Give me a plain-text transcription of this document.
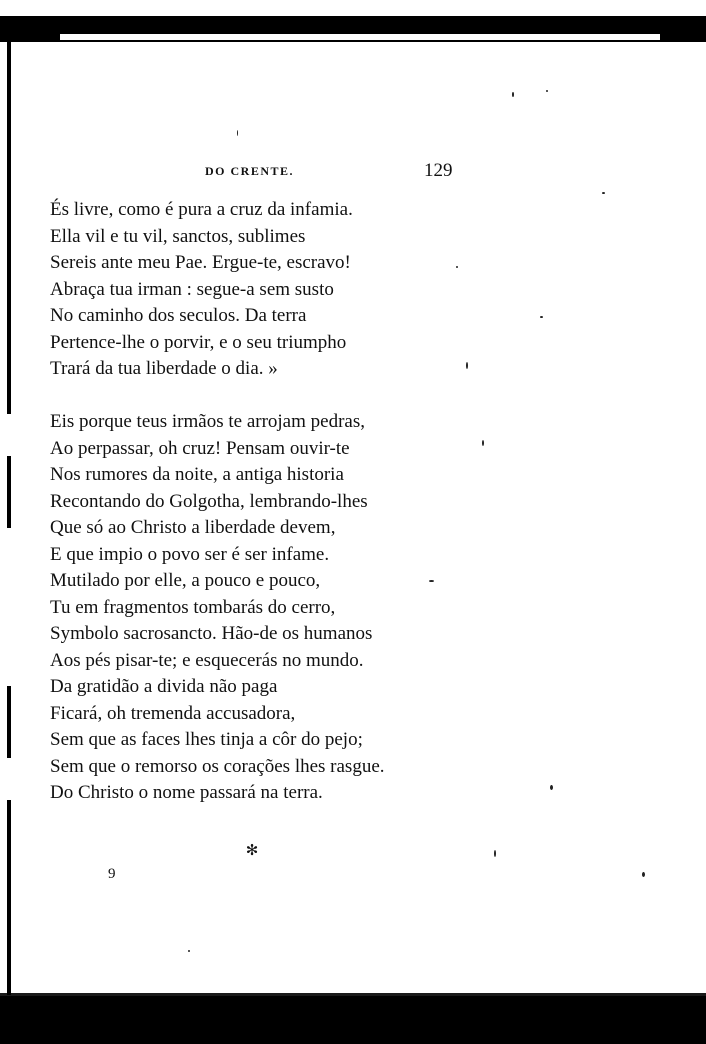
DO CRENTE.	129
És livre, como é pura a cruz da infamia.
Ella vil e tu vil, sanctos, sublimes
Sereis ante meu Pae. Ergue-te, escravo!
Abraça tua irman : segue-a sem susto
No caminho dos seculos. Da terra
Pertence-lhe o porvir, e o seu triumpho
Trará da tua liberdade o dia. »
Eis porque teus irmãos te arrojam pedras,
Ao perpassar, oh cruz! Pensam ouvir-te
Nos rumores da noite, a antiga historia
Recontando do Golgotha, lembrando-lhes
Que só ao Christo a liberdade devem,
E que impio o povo ser é ser infame.
Mutilado por elle, a pouco e pouco,
Tu em fragmentos tombarás do cerro,
Symbolo sacrosancto. Hão-de os humanos
Aos pés pisar-te; e esquecerás no mundo.
Da gratidão a divida não paga
Ficará, oh tremenda accusadora,
Sem que as faces lhes tinja a côr do pejo;
Sem que o remorso os corações lhes rasgue.
Do Christo o nome passará na terra.
✻
9
